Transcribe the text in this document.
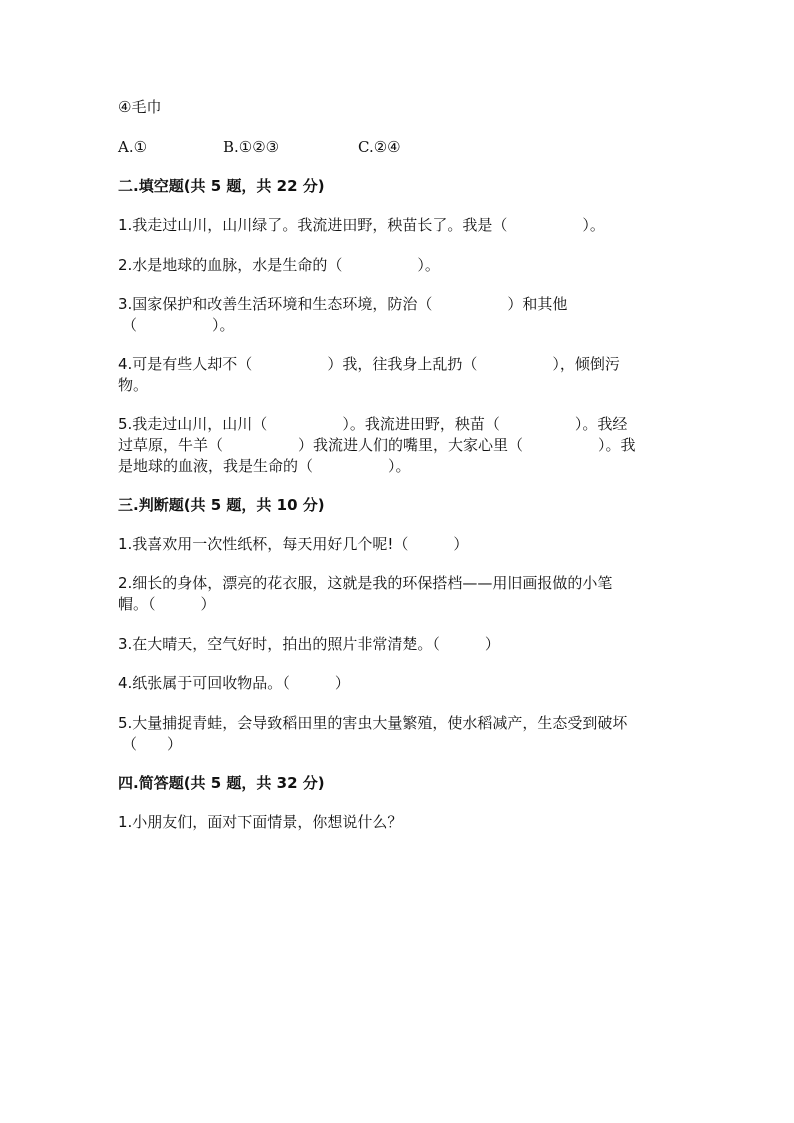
④毛巾
A.①	B.①②③	C.②④
二.填空题(共 5 题，共 22 分)
1.我走过山川，山川绿了。我流进田野，秧苗长了。我是（　　　　　）。
2.水是地球的血脉，水是生命的（　　　　　）。
3.国家保护和改善生活环境和生态环境，防治（　　　　　）和其他
（　　　　　）。
4.可是有些人却不（　　　　　）我，往我身上乱扔（　　　　　），倾倒污
物。
5.我走过山川，山川（　　　　　）。我流进田野，秧苗（　　　　　）。我经
过草原，牛羊（　　　　　）我流进人们的嘴里，大家心里（　　　　　）。我
是地球的血液，我是生命的（　　　　　）。
三.判断题(共 5 题，共 10 分)
1.我喜欢用一次性纸杯，每天用好几个呢!（　　　）
2.细长的身体，漂亮的花衣服，这就是我的环保搭档——用旧画报做的小笔
帽。（　　　）
3.在大晴天，空气好时，拍出的照片非常清楚。（　　　）
4.纸张属于可回收物品。（　　　）
5.大量捕捉青蛙，会导致稻田里的害虫大量繁殖，使水稻减产，生态受到破坏
（　　）
四.简答题(共 5 题，共 32 分)
1.小朋友们，面对下面情景，你想说什么？
